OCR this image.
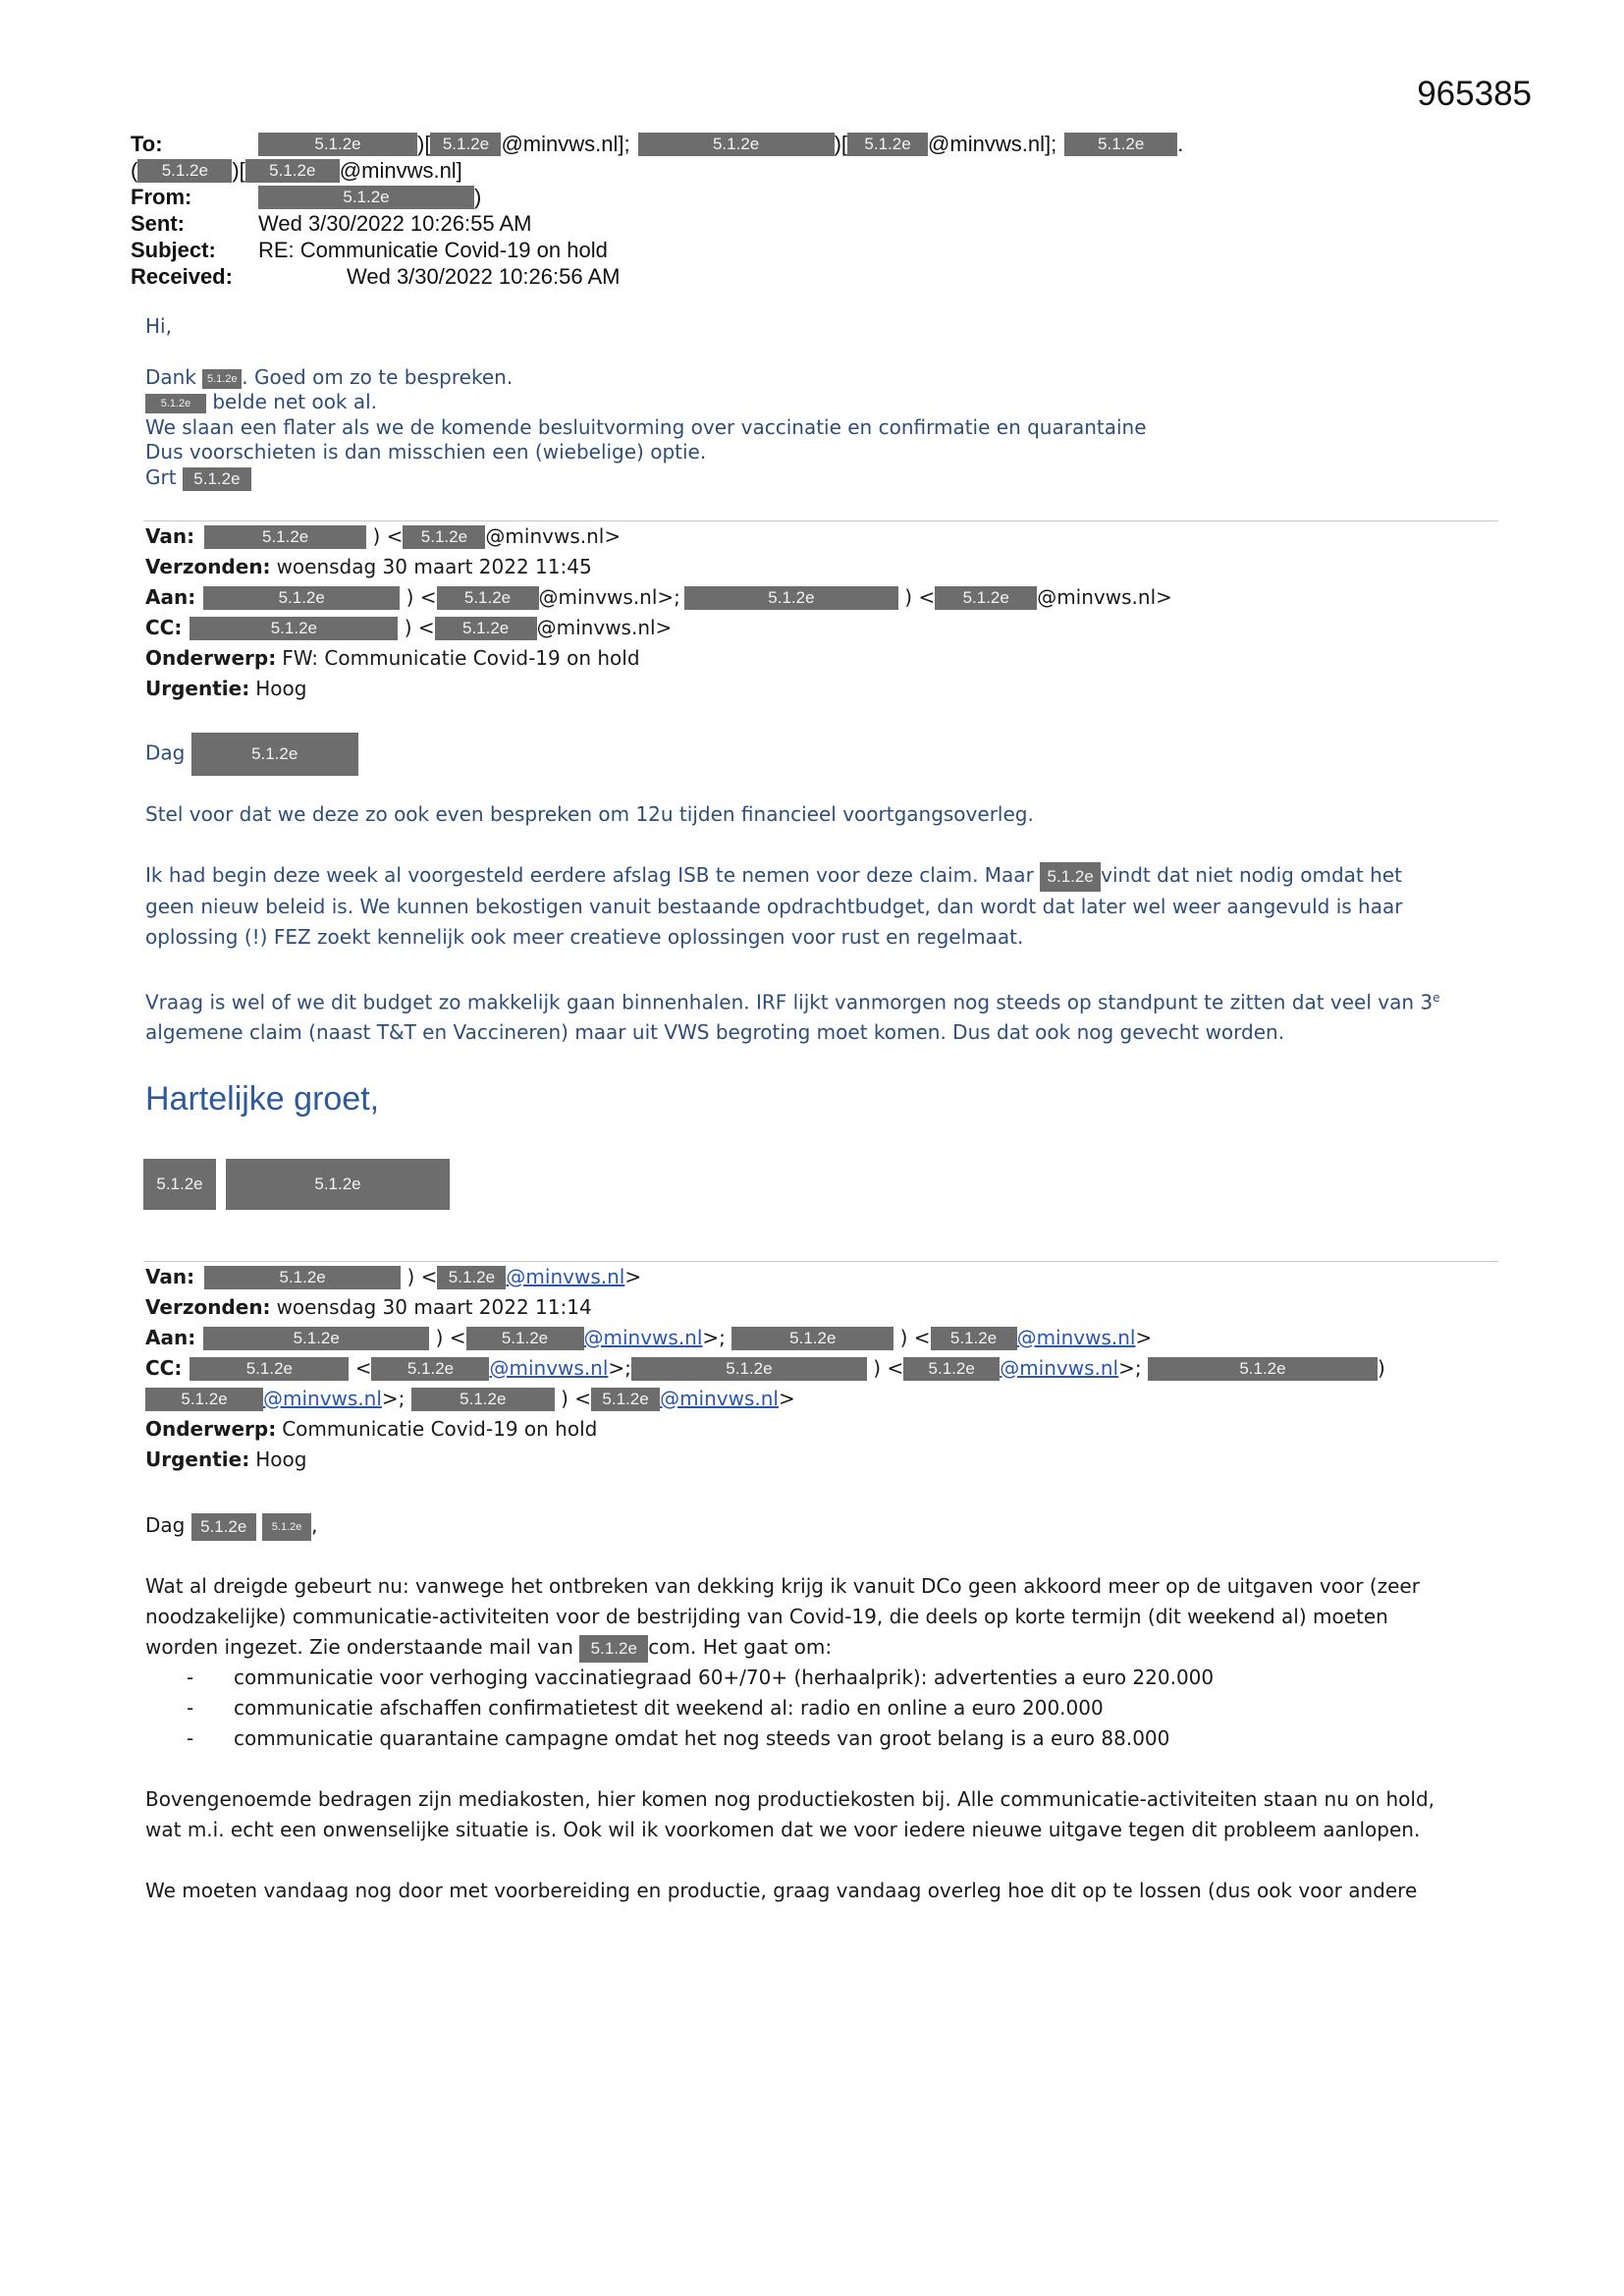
965385
To:	5.1.2e	)[ 5.1.2e @minvws.nl];	5.1.2e	)[	5.1.2e @minvws.nl];	5.1.2e	.
(	5.1.2e	)[	5.1.2e	@minvws.nl]
From:	5.1.2e	)
Sent:	Wed 3/30/2022 10:26:55 AM
Subject:	RE: Communicatie Covid-19 on hold
Received:	Wed 3/30/2022 10:26:56 AM
Hi,
Dank 5.1.2e . Goed om zo te bespreken.
5.1.2e belde net ook al.
We slaan een flater als we de komende besluitvorming over vaccinatie en confirmatie en quarantaine
Dus voorschieten is dan misschien een (wiebelige) optie.
Grt 5.1.2e
Van:	5.1.2e	) <	5.1.2e @minvws.nl>
Verzonden: woensdag 30 maart 2022 11:45
Aan:	5.1.2e	) <	5.1.2e	@minvws.nl>;	5.1.2e	) <	5.1.2e	@minvws.nl>
CC:	5.1.2e	) <	5.1.2e	@minvws.nl>
Onderwerp: FW: Communicatie Covid-19 on hold
Urgentie: Hoog
Dag	5.1.2e

Stel voor dat we deze zo ook even bespreken om 12u tijden financieel voortgangsoverleg.

Ik had begin deze week al voorgesteld eerdere afslag ISB te nemen voor deze claim. Maar 5.1.2e vindt dat niet nodig omdat het
geen nieuw beleid is. We kunnen bekostigen vanuit bestaande opdrachtbudget, dan wordt dat later wel weer aangevuld is haar
oplossing (!) FEZ zoekt kennelijk ook meer creatieve oplossingen voor rust en regelmaat.

Vraag is wel of we dit budget zo makkelijk gaan binnenhalen. IRF lijkt vanmorgen nog steeds op standpunt te zitten dat veel van 3e
algemene claim (naast T&T en Vaccineren) maar uit VWS begroting moet komen. Dus dat ook nog gevecht worden.

Hartelijke groet,
5.1.2e	5.1.2e
Van:	5.1.2e	) < 5.1.2e @minvws.nl >
Verzonden: woensdag 30 maart 2022 11:14
Aan:	5.1.2e	) <	5.1.2e	@minvws.nl >;	5.1.2e	) <	5.1.2e	@minvws.nl >
CC:	5.1.2e	<	5.1.2e	@minvws.nl >;	5.1.2e	) <	5.1.2e	@minvws.nl >;	5.1.2e	)
5.1.2e	@minvws.nl >;	5.1.2e	) < 5.1.2e @minvws.nl >
Onderwerp: Communicatie Covid-19 on hold
Urgentie: Hoog
Dag 5.1.2e 5.1.2e ,

Wat al dreigde gebeurt nu: vanwege het ontbreken van dekking krijg ik vanuit DCo geen akkoord meer op de uitgaven voor (zeer
noodzakelijke) communicatie-activiteiten voor de bestrijding van Covid-19, die deels op korte termijn (dit weekend al) moeten
worden ingezet. Zie onderstaande mail van 5.1.2e com. Het gaat om:

- communicatie voor verhoging vaccinatiegraad 60+/70+ (herhaalprik): advertenties a euro 220.000
- communicatie afschaffen confirmatietest dit weekend al: radio en online a euro 200.000
- communicatie quarantaine campagne omdat het nog steeds van groot belang is a euro 88.000

Bovengenoemde bedragen zijn mediakosten, hier komen nog productiekosten bij. Alle communicatie-activiteiten staan nu on hold,
wat m.i. echt een onwenselijke situatie is. Ook wil ik voorkomen dat we voor iedere nieuwe uitgave tegen dit probleem aanlopen.

We moeten vandaag nog door met voorbereiding en productie, graag vandaag overleg hoe dit op te lossen (dus ook voor andere
